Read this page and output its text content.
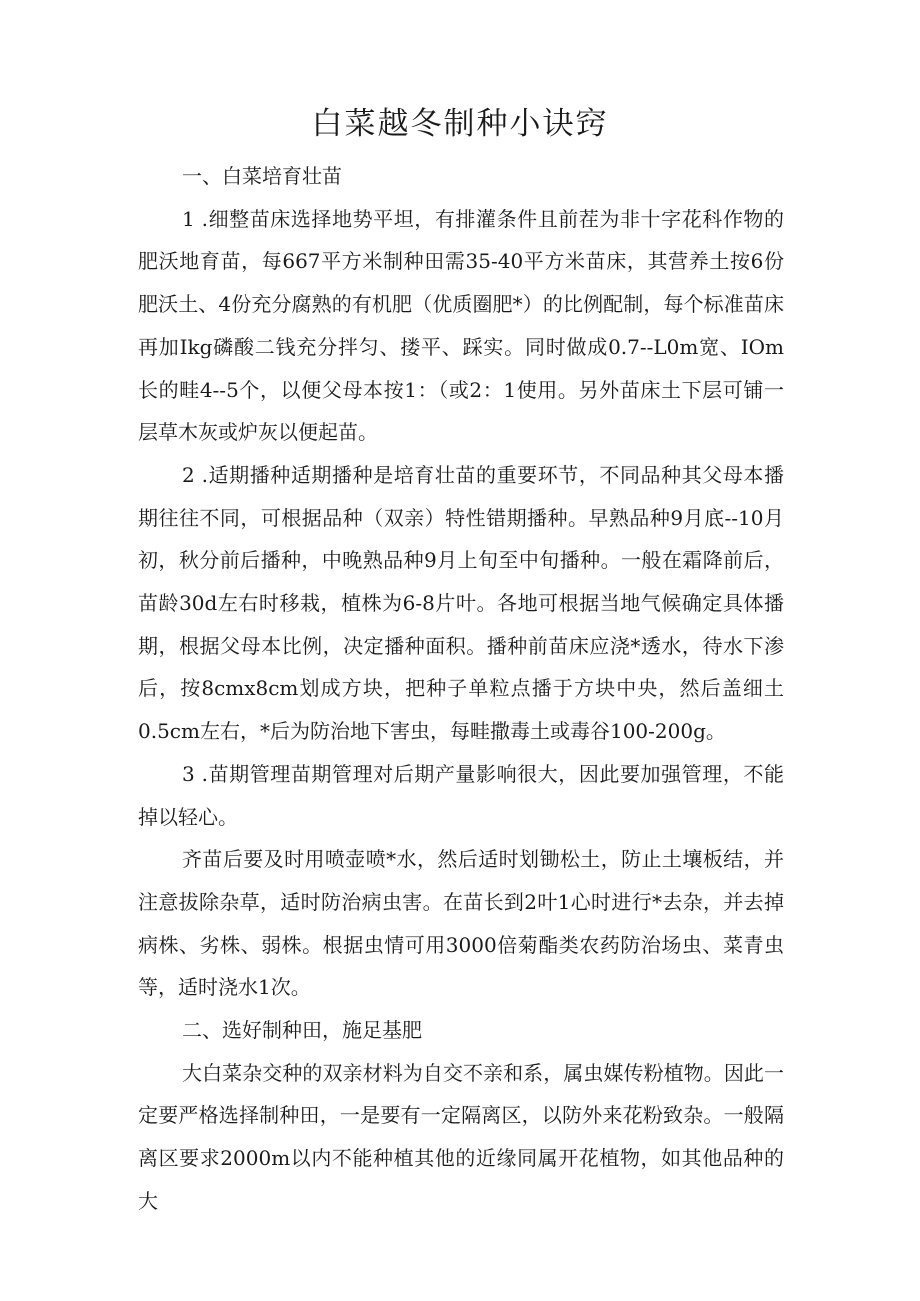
白菜越冬制种小诀窍

一、白菜培育壮苗

1 .细整苗床选择地势平坦，有排灌条件且前茬为非十字花科作物的肥沃地育苗，每667平方米制种田需35-40平方米苗床，其营养土按6份肥沃土、4份充分腐熟的有机肥（优质圈肥*）的比例配制，每个标准苗床再加Ikg磷酸二钱充分拌匀、搂平、踩实。同时做成0.7--L0m宽、IOm长的畦4--5个，以便父母本按1：（或2：1使用。另外苗床土下层可铺一层草木灰或炉灰以便起苗。

2 .适期播种适期播种是培育壮苗的重要环节，不同品种其父母本播期往往不同，可根据品种（双亲）特性错期播种。早熟品种9月底--10月初，秋分前后播种，中晚熟品种9月上旬至中旬播种。一般在霜降前后，苗龄30d左右时移栽，植株为6-8片叶。各地可根据当地气候确定具体播期，根据父母本比例，决定播种面积。播种前苗床应浇*透水，待水下渗后，按8cmx8cm划成方块，把种子单粒点播于方块中央，然后盖细土0.5cm左右，*后为防治地下害虫，每畦撒毒土或毒谷100-200g。

3 .苗期管理苗期管理对后期产量影响很大，因此要加强管理，不能掉以轻心。

齐苗后要及时用喷壶喷*水，然后适时划锄松土，防止土壤板结，并注意拔除杂草，适时防治病虫害。在苗长到2叶1心时进行*去杂，并去掉病株、劣株、弱株。根据虫情可用3000倍菊酯类农药防治场虫、菜青虫等，适时浇水1次。

二、选好制种田，施足基肥

大白菜杂交种的双亲材料为自交不亲和系，属虫媒传粉植物。因此一定要严格选择制种田，一是要有一定隔离区，以防外来花粉致杂。一般隔离区要求2000m以内不能种植其他的近缘同属开花植物，如其他品种的大
